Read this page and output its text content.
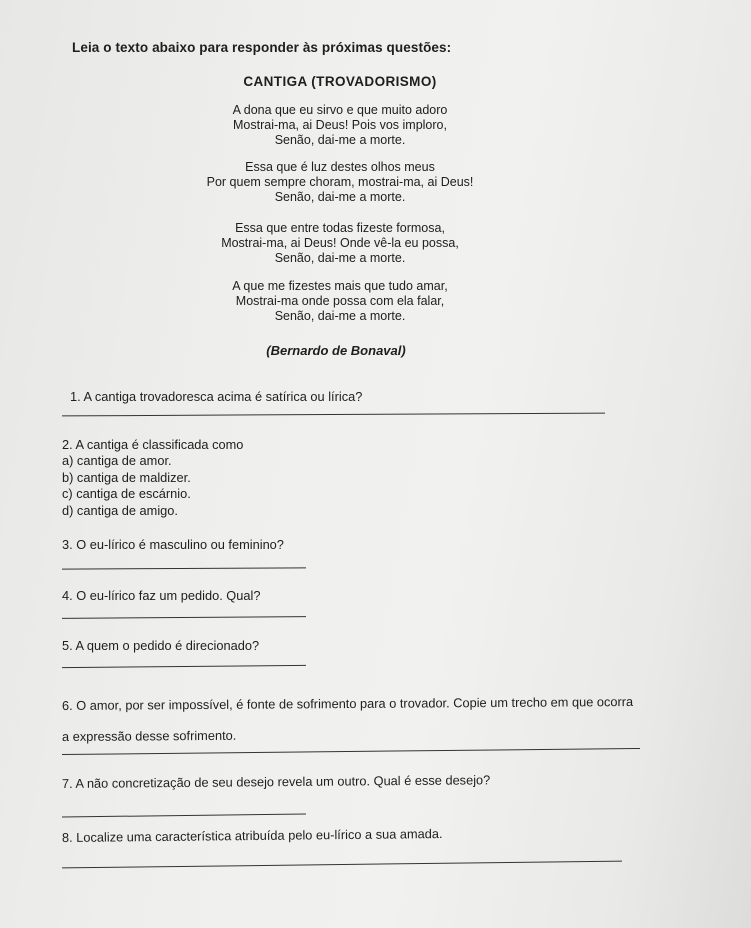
Leia o texto abaixo para responder às próximas questões:
CANTIGA (TROVADORISMO)
A dona que eu sirvo e que muito adoro
Mostrai-ma, ai Deus! Pois vos imploro,
Senão, dai-me a morte.
Essa que é luz destes olhos meus
Por quem sempre choram, mostrai-ma, ai Deus!
Senão, dai-me a morte.
Essa que entre todas fizeste formosa,
Mostrai-ma, ai Deus! Onde vê-la eu possa,
Senão, dai-me a morte.
A que me fizestes mais que tudo amar,
Mostrai-ma onde possa com ela falar,
Senão, dai-me a morte.
(Bernardo de Bonaval)
1. A cantiga trovadoresca acima é satírica ou lírica?
2. A cantiga é classificada como
a) cantiga de amor.
b) cantiga de maldizer.
c) cantiga de escárnio.
d) cantiga de amigo.
3. O eu-lírico é masculino ou feminino?
4. O eu-lírico faz um pedido. Qual?
5. A quem o pedido é direcionado?
6. O amor, por ser impossível, é fonte de sofrimento para o trovador. Copie um trecho em que ocorra
a expressão desse sofrimento.
7. A não concretização de seu desejo revela um outro. Qual é esse desejo?
8. Localize uma característica atribuída pelo eu-lírico a sua amada.
